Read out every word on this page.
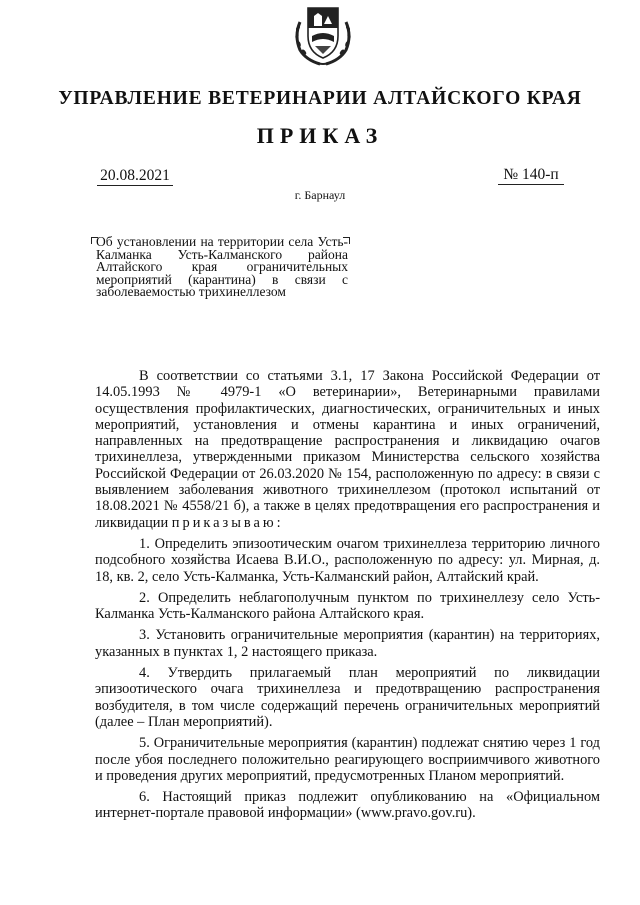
УПРАВЛЕНИЕ ВЕТЕРИНАРИИ АЛТАЙСКОГО КРАЯ
ПРИКАЗ
20.08.2021	№ 140-п
г. Барнаул
Об установлении на территории села Усть-Калманка Усть-Калманского района Алтайского края ограничительных мероприятий (карантина) в связи с заболеваемостью трихинеллезом

В соответствии со статьями 3.1, 17 Закона Российской Федерации от 14.05.1993 № 4979-1 «О ветеринарии», Ветеринарными правилами осуществления профилактических, диагностических, ограничительных и иных мероприятий, установления и отмены карантина и иных ограничений, направленных на предотвращение распространения и ликвидацию очагов трихинеллеза, утвержденными приказом Министерства сельского хозяйства Российской Федерации от 26.03.2020 № 154, расположенную по адресу: в связи с выявлением заболевания животного трихинеллезом (протокол испытаний от 18.08.2021 № 4558/21 б), а также в целях предотвращения его распространения и ликвидации приказываю:

1. Определить эпизоотическим очагом трихинеллеза территорию личного подсобного хозяйства Исаева В.И.О., расположенную по адресу: ул. Мирная, д. 18, кв. 2, село Усть-Калманка, Усть-Калманский район, Алтайский край.

2. Определить неблагополучным пунктом по трихинеллезу село Усть-Калманка Усть-Калманского района Алтайского края.

3. Установить ограничительные мероприятия (карантин) на территориях, указанных в пунктах 1, 2 настоящего приказа.

4. Утвердить прилагаемый план мероприятий по ликвидации эпизоотического очага трихинеллеза и предотвращению распространения возбудителя, в том числе содержащий перечень ограничительных мероприятий (далее – План мероприятий).

5. Ограничительные мероприятия (карантин) подлежат снятию через 1 год после убоя последнего положительно реагирующего восприимчивого животного и проведения других мероприятий, предусмотренных Планом мероприятий.

6. Настоящий приказ подлежит опубликованию на «Официальном интернет-портале правовой информации» (www.pravo.gov.ru).
